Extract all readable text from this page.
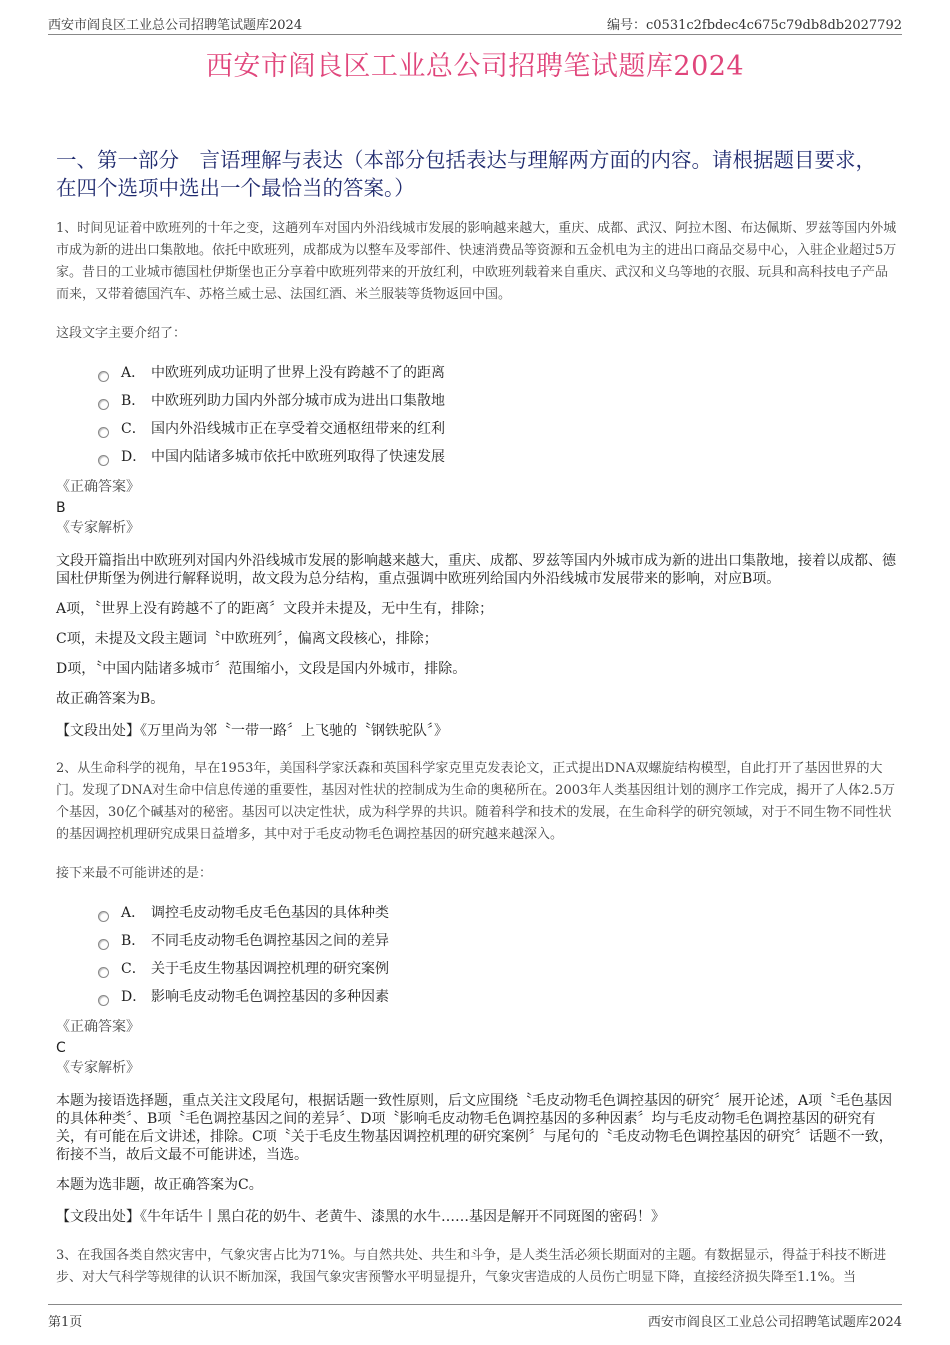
西安市阎良区工业总公司招聘笔试题库2024	编号：c0531c2fbdec4c675c79db8db2027792
西安市阎良区工业总公司招聘笔试题库2024
一、第一部分　言语理解与表达（本部分包括表达与理解两方面的内容。请根据题目要求，在四个选项中选出一个最恰当的答案。）

1、时间见证着中欧班列的十年之变，这趟列车对国内外沿线城市发展的影响越来越大，重庆、成都、武汉、阿拉木图、布达佩斯、罗兹等国内外城市成为新的进出口集散地。依托中欧班列，成都成为以整车及零部件、快速消费品等资源和五金机电为主的进出口商品交易中心，入驻企业超过5万家。昔日的工业城市德国杜伊斯堡也正分享着中欧班列带来的开放红利，中欧班列载着来自重庆、武汉和义乌等地的衣服、玩具和高科技电子产品而来，又带着德国汽车、苏格兰威士忌、法国红酒、米兰服装等货物返回中国。

这段文字主要介绍了：

A． 中欧班列成功证明了世界上没有跨越不了的距离
B． 中欧班列助力国内外部分城市成为进出口集散地
C． 国内外沿线城市正在享受着交通枢纽带来的红利
D． 中国内陆诸多城市依托中欧班列取得了快速发展
《正确答案》
B
《专家解析》

文段开篇指出中欧班列对国内外沿线城市发展的影响越来越大，重庆、成都、罗兹等国内外城市成为新的进出口集散地，接着以成都、德国杜伊斯堡为例进行解释说明，故文段为总分结构，重点强调中欧班列给国内外沿线城市发展带来的影响，对应B项。

A项，〝世界上没有跨越不了的距离〞文段并未提及，无中生有，排除；

C项，未提及文段主题词〝中欧班列〞，偏离文段核心，排除；

D项，〝中国内陆诸多城市〞范围缩小，文段是国内外城市，排除。

故正确答案为B。

【文段出处】《万里尚为邻〝一带一路〞上飞驰的〝钢铁驼队〞》

2、从生命科学的视角，早在1953年，美国科学家沃森和英国科学家克里克发表论文，正式提出DNA双螺旋结构模型，自此打开了基因世界的大门。发现了DNA对生命中信息传递的重要性，基因对性状的控制成为生命的奥秘所在。2003年人类基因组计划的测序工作完成，揭开了人体2.5万个基因，30亿个碱基对的秘密。基因可以决定性状，成为科学界的共识。随着科学和技术的发展，在生命科学的研究领域，对于不同生物不同性状的基因调控机理研究成果日益增多，其中对于毛皮动物毛色调控基因的研究越来越深入。

接下来最不可能讲述的是：

A． 调控毛皮动物毛皮毛色基因的具体种类
B． 不同毛皮动物毛色调控基因之间的差异
C． 关于毛皮生物基因调控机理的研究案例
D． 影响毛皮动物毛色调控基因的多种因素
《正确答案》
C
《专家解析》

本题为接语选择题，重点关注文段尾句，根据话题一致性原则，后文应围绕〝毛皮动物毛色调控基因的研究〞展开论述，A项〝毛色基因的具体种类〞、B项〝毛色调控基因之间的差异〞、D项〝影响毛皮动物毛色调控基因的多种因素〞均与毛皮动物毛色调控基因的研究有关，有可能在后文讲述，排除。C项〝关于毛皮生物基因调控机理的研究案例〞与尾句的〝毛皮动物毛色调控基因的研究〞话题不一致，衔接不当，故后文最不可能讲述，当选。

本题为选非题，故正确答案为C。

【文段出处】《牛年话牛丨黑白花的奶牛、老黄牛、漆黑的水牛……基因是解开不同斑图的密码！》

3、在我国各类自然灾害中，气象灾害占比为71%。与自然共处、共生和斗争，是人类生活必须长期面对的主题。有数据显示，得益于科技不断进步、对大气科学等规律的认识不断加深，我国气象灾害预警水平明显提升，气象灾害造成的人员伤亡明显下降，直接经济损失降至1.1%。当

第1页	西安市阎良区工业总公司招聘笔试题库2024
